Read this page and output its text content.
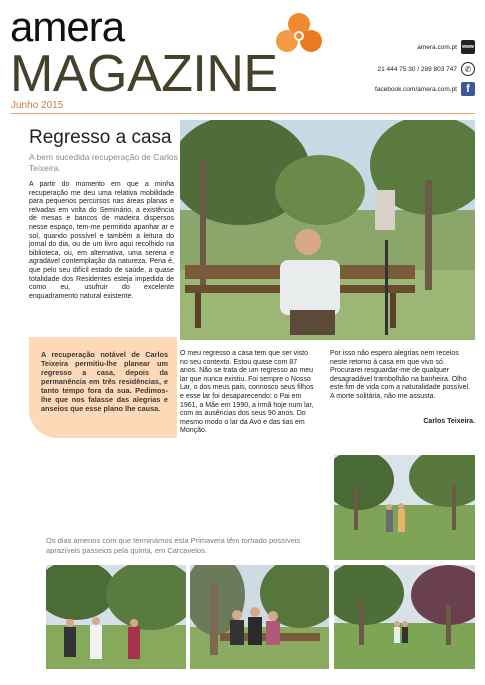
amera
MAGAZINE
Junho 2015
amera.com.pt www
21 444 75 30 / 289 803 747 ✆
facebook.com/amera.com.pt f
Regresso a casa
A bem sucedida recuperação de Carlos Teixeira.

A partir do momento em que a minha recuperação me deu uma relativa mobilidade para pequenos percursos nas áreas planas e relvadas em volta do Seminário, a existência de mesas e bancos de madeira dispersos nesse espaço, tem-me permitido apanhar ar e sol, quando possível e também a leitura do jornal do dia, ou de um livro aqui recolhido na biblioteca, ou, em alternativa, uma serena e agradável contemplação da natureza. Pena é, que pelo seu difícil estado de saúde, a quase totalidade dos Residentes esteja impedida de como eu, usufruir do excelente enquadramento natural existente.

A recuperação notável de Carlos Teixeira permitiu-lhe planear um regresso a casa, depois da permanência em três residências, e tanto tempo fora da sua. Pedimos-lhe que nos falasse das alegrias e anseios que esse plano lhe causa.

O meu regresso a casa tem que ser visto no seu contexto. Estou quase com 87 anos. Não se trata de um regresso ao meu lar que nunca existiu. Foi sempre o Nosso Lar, o dos meus pais, connosco seus filhos e esse lar foi desaparecendo: o Pai em 1961, a Mãe em 1990, a irmã hoje num lar, com as ausências dos seus 90 anos. Do mesmo modo o lar da Avó e das tias em Monção.

Por isso não espero alegrias nem receios neste retorno à casa em que vivo só. Procurarei resguardar-me de qualquer desagradável trambolhão na banheira. Olho este fim de vida com a naturalidade possível. A morte solitária, não me assusta.

Carlos Teixeira.
Os dias amenos com que terminámos esta Primavera têm tornado possíveis aprazíveis passeios pela quinta, em Carcavelos.
